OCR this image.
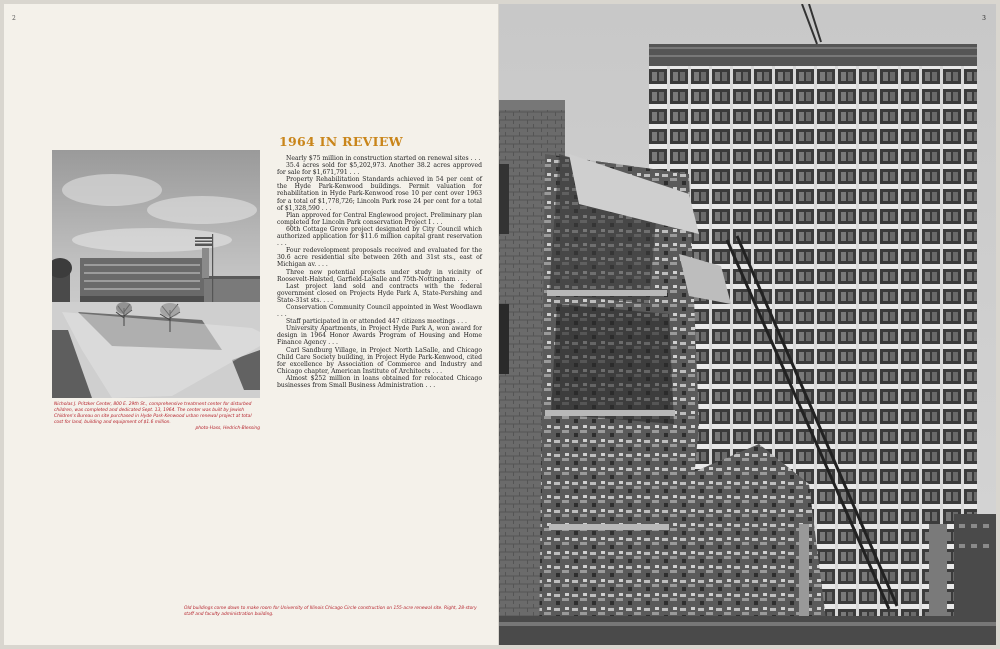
2
Nicholas J. Pritzker Center, 800 E. 29th St., comprehensive treatment center for disturbed children, was completed and dedicated Sept. 13, 1964. The center was built by Jewish Children's Bureau on site purchased in Hyde Park-Kenwood urban renewal project at total cost for land, building and equipment of $1.6 million.
photo-Hass, Hedrich-Blessing
1964 IN REVIEW

Nearly $75 million in construction started on renewal sites . . .

35.4 acres sold for $5,202,973. Another 38.2 acres approved for sale for $1,671,791 . . .

Property Rehabilitation Standards achieved in 54 per cent of the Hyde Park-Kenwood buildings. Permit valuation for rehabilitation in Hyde Park-Kenwood rose 10 per cent over 1963 for a total of $1,778,726; Lincoln Park rose 24 per cent for a total of $1,328,590 . . .

Plan approved for Central Englewood project. Preliminary plan completed for Lincoln Park conservation Project I . . .

60th Cottage Grove project designated by City Council which authorized application for $11.6 million capital grant reservation . . .

Four redevelopment proposals received and evaluated for the 30.6 acre residential site between 26th and 31st sts., east of Michigan av. . . .

Three new potential projects under study in vicinity of Roosevelt-Halsted, Garfield-LaSalle and 75th-Nottingham . . .

Last project land sold and contracts with the federal government closed on Projects Hyde Park A, State-Pershing and State-31st sts. . . .

Conservation Community Council appointed in West Woodlawn . . .

Staff participated in or attended 447 citizens meetings . . .

University Apartments, in Project Hyde Park A, won award for design in 1964 Honor Awards Program of Housing and Home Finance Agency . . .

Carl Sandburg Village, in Project North LaSalle, and Chicago Child Care Society building, in Project Hyde Park-Kenwood, cited for excellence by Association of Commerce and Industry and Chicago chapter, American Institute of Architects . . .

Almost $252 million in loans obtained for relocated Chicago businesses from Small Business Administration . . .

Old buildings come down to make room for University of Illinois Chicago Circle construction on 155-acre renewal site. Right, 28-story staff and faculty administration building.
3
